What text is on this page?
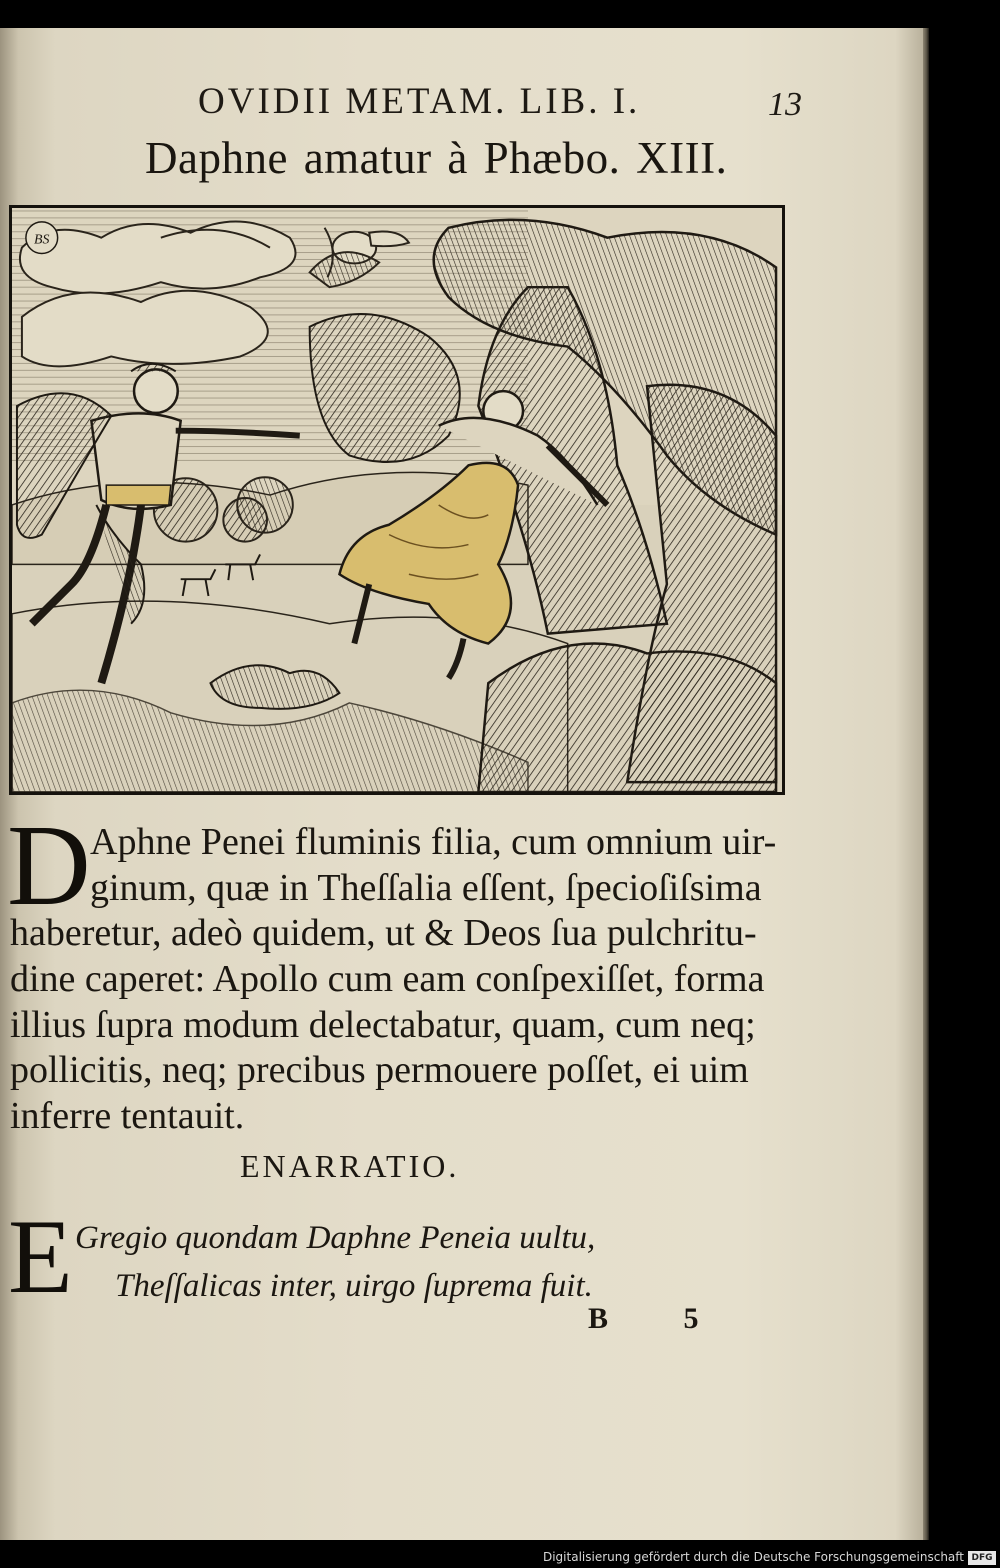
OVIDII METAM. LIB. I.	13
Daphne amatur à Phæbo. XIII.
BS
D Aphne Penei fluminis filia, cum omnium uir-
ginum, quæ in Theſſalia eſſent, ſpecioſiſsima
haberetur, adeò quidem, ut & Deos ſua pulchritu-
dine caperet: Apollo cum eam conſpexiſſet, forma
illius ſupra modum delectabatur, quam, cum neq;
pollicitis, neq; precibus permouere poſſet, ei uim
inferre tentauit.
ENARRATIO.
E Gregio quondam Daphne Peneia uultu,
Theſſalicas inter, uirgo ſuprema fuit.
B 5
Digitalisierung gefördert durch die Deutsche Forschungsgemeinschaft DFG
